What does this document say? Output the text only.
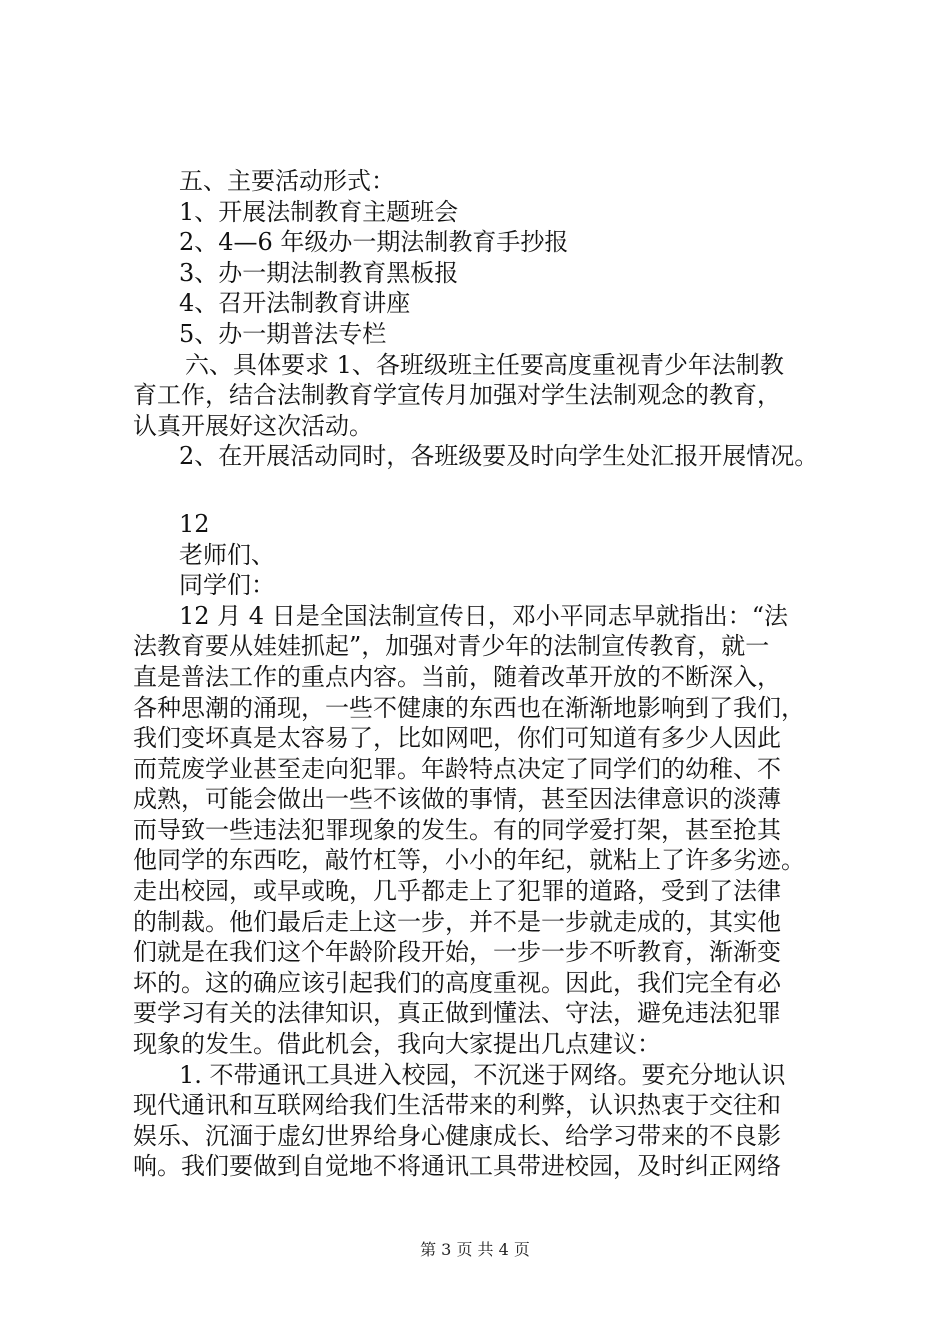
五、主要活动形式：
1、开展法制教育主题班会
2、4—6 年级办一期法制教育手抄报
3、办一期法制教育黑板报
4、召开法制教育讲座
5、办一期普法专栏
六、具体要求 1、各班级班主任要高度重视青少年法制教
育工作，结合法制教育学宣传月加强对学生法制观念的教育，
认真开展好这次活动。
2、在开展活动同时，各班级要及时向学生处汇报开展情况。
12
老师们、
同学们：
12 月 4 日是全国法制宣传日，邓小平同志早就指出：“法
法教育要从娃娃抓起”，加强对青少年的法制宣传教育，就一
直是普法工作的重点内容。当前，随着改革开放的不断深入，
各种思潮的涌现，一些不健康的东西也在渐渐地影响到了我们，
我们变坏真是太容易了，比如网吧，你们可知道有多少人因此
而荒废学业甚至走向犯罪。年龄特点决定了同学们的幼稚、不
成熟，可能会做出一些不该做的事情，甚至因法律意识的淡薄
而导致一些违法犯罪现象的发生。有的同学爱打架，甚至抢其
他同学的东西吃，敲竹杠等，小小的年纪，就粘上了许多劣迹。
走出校园，或早或晚，几乎都走上了犯罪的道路，受到了法律
的制裁。他们最后走上这一步，并不是一步就走成的，其实他
们就是在我们这个年龄阶段开始，一步一步不听教育，渐渐变
坏的。这的确应该引起我们的高度重视。因此，我们完全有必
要学习有关的法律知识，真正做到懂法、守法，避免违法犯罪
现象的发生。借此机会，我向大家提出几点建议：
1. 不带通讯工具进入校园，不沉迷于网络。要充分地认识
现代通讯和互联网给我们生活带来的利弊，认识热衷于交往和
娱乐、沉湎于虚幻世界给身心健康成长、给学习带来的不良影
响。我们要做到自觉地不将通讯工具带进校园，及时纠正网络
第 3 页 共 4 页
